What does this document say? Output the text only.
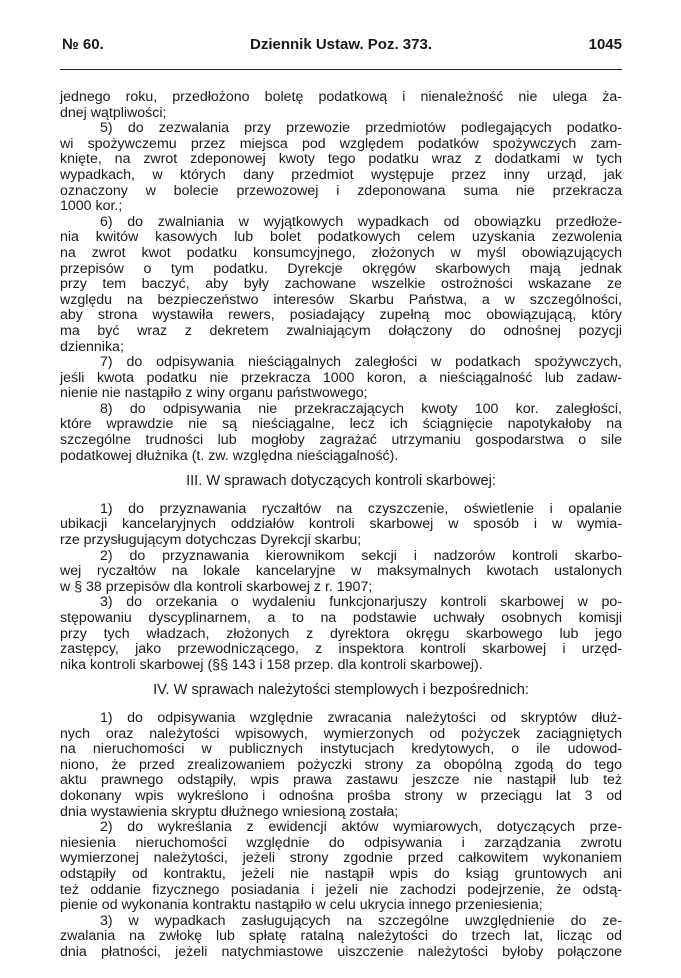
№ 60.	Dziennik Ustaw. Poz. 373.	1045
jednego roku, przedłożono boletę podatkową i nienależność nie ulega ża-
dnej wątpliwości;
5) do zezwalania przy przewozie przedmiotów podlegających podatko-
wi spożywczemu przez miejsca pod względem podatków spożywczych zam-
knięte, na zwrot zdeponowej kwoty tego podatku wraz z dodatkami w tych
wypadkach, w których dany przedmiot występuje przez inny urząd, jak
oznaczony w bolecie przewozowej i zdeponowana suma nie przekracza
1000 kor.;
6) do zwalniania w wyjątkowych wypadkach od obowiązku przedłoże-
nia kwitów kasowych lub bolet podatkowych celem uzyskania zezwolenia
na zwrot kwot podatku konsumcyjnego, złożonych w myśl obowiązujących
przepisów o tym podatku. Dyrekcje okręgów skarbowych mają jednak
przy tem baczyć, aby były zachowane wszelkie ostrożności wskazane ze
względu na bezpieczeństwo interesów Skarbu Państwa, a w szczególności,
aby strona wystawiła rewers, posiadający zupełną moc obowiązującą, który
ma być wraz z dekretem zwalniającym dołączony do odnośnej pozycji
dziennika;
7) do odpisywania nieściągalnych zaległości w podatkach spożywczych,
jeśli kwota podatku nie przekracza 1000 koron, a nieściągalność lub zadaw-
nienie nie nastąpiło z winy organu państwowego;
8) do odpisywania nie przekraczających kwoty 100 kor. zaległości,
które wprawdzie nie są nieściągalne, lecz ich ściągnięcie napotykałoby na
szczególne trudności lub mogłoby zagrażać utrzymaniu gospodarstwa o sile
podatkowej dłużnika (t. zw. względna nieściągalność).
III. W sprawach dotyczących kontroli skarbowej:
1) do przyznawania ryczałtów na czyszczenie, oświetlenie i opalanie
ubikacji kancelaryjnych oddziałów kontroli skarbowej w sposób i w wymia-
rze przysługującym dotychczas Dyrekcji skarbu;
2) do przyznawania kierownikom sekcji i nadzorów kontroli skarbo-
wej ryczałtów na lokale kancelaryjne w maksymalnych kwotach ustalonych
w § 38 przepisów dla kontroli skarbowej z r. 1907;
3) do orzekania o wydaleniu funkcjonarjuszy kontroli skarbowej w po-
stępowaniu dyscyplinarnem, a to na podstawie uchwały osobnych komisji
przy tych władzach, złożonych z dyrektora okręgu skarbowego lub jego
zastępcy, jako przewodniczącego, z inspektora kontroli skarbowej i urzęd-
nika kontroli skarbowej (§§ 143 i 158 przep. dla kontroli skarbowej).
IV. W sprawach należytości stemplowych i bezpośrednich:
1) do odpisywania względnie zwracania należytości od skryptów dłuż-
nych oraz należytości wpisowych, wymierzonych od pożyczek zaciągniętych
na nieruchomości w publicznych instytucjach kredytowych, o ile udowod-
niono, że przed zrealizowaniem pożyczki strony za obopólną zgodą do tego
aktu prawnego odstąpiły, wpis prawa zastawu jeszcze nie nastąpił lub też
dokonany wpis wykreślono i odnośna prośba strony w przeciągu lat 3 od
dnia wystawienia skryptu dłużnego wniesioną została;
2) do wykreślania z ewidencji aktów wymiarowych, dotyczących prze-
niesienia nieruchomości względnie do odpisywania i zarządzania zwrotu
wymierzonej należytości, jeżeli strony zgodnie przed całkowitem wykonaniem
odstąpiły od kontraktu, jeżeli nie nastąpił wpis do ksiąg gruntowych ani
też oddanie fizycznego posiadania i jeżeli nie zachodzi podejrzenie, że odstą-
pienie od wykonania kontraktu nastąpiło w celu ukrycia innego przeniesienia;
3) w wypadkach zasługujących na szczególne uwzględnienie do ze-
zwalania na zwłokę lub spłatę ratalną należytości do trzech lat, licząc od
dnia płatności, jeżeli natychmiastowe uiszczenie należytości byłoby połączone
